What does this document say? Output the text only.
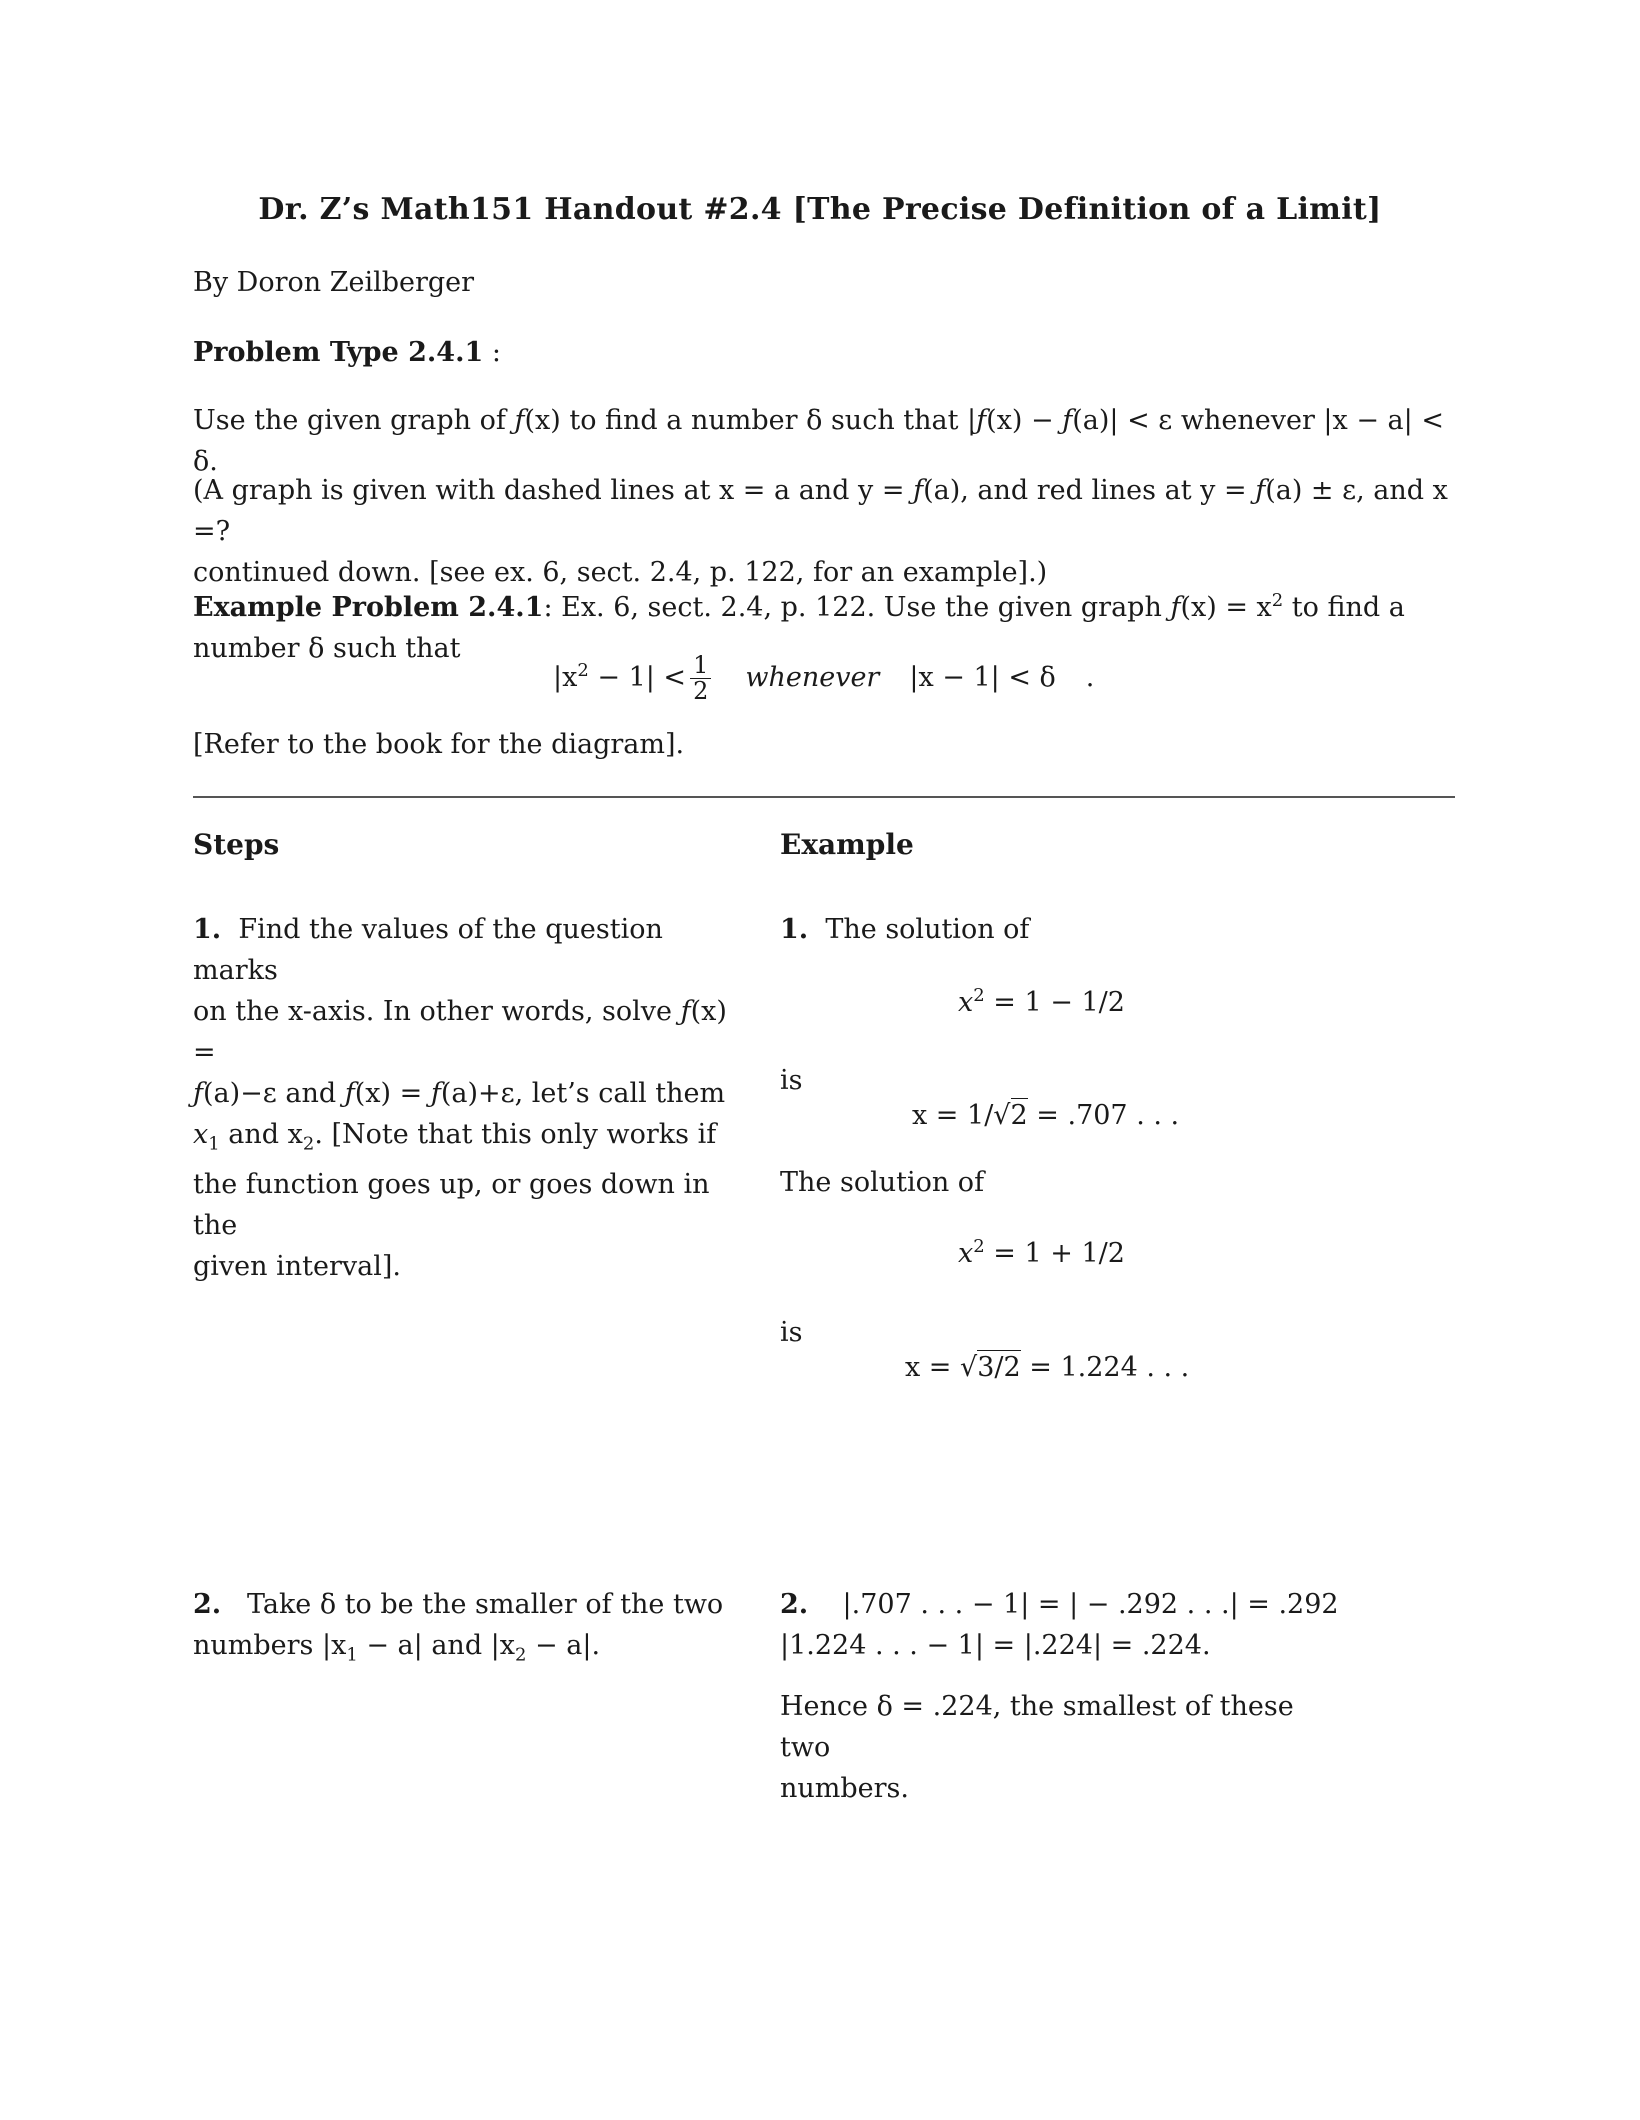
Dr. Z’s Math151 Handout #2.4 [The Precise Definition of a Limit]
By Doron Zeilberger
Problem Type 2.4.1 :
Use the given graph of ƒ(x) to find a number δ such that |ƒ(x) − ƒ(a)| < ε whenever |x − a| < δ.
(A graph is given with dashed lines at x = a and y = ƒ(a), and red lines at y = ƒ(a) ± ε, and x =?
continued down. [see ex. 6, sect. 2.4, p. 122, for an example].)
Example Problem 2.4.1: Ex. 6, sect. 2.4, p. 122. Use the given graph ƒ(x) = $x^2$ to find a
number δ such that
$|x^2 - 1| < \frac{1}{2}$ whenever |x − 1| < δ .
[Refer to the book for the diagram].
Steps	Example
1. Find the values of the question marks
on the x-axis. In other words, solve ƒ(x) =
ƒ(a)−ε and ƒ(x) = ƒ(a)+ε, let’s call them
$x_1$ and $x_2$. [Note that this only works if
the function goes up, or goes down in the
given interval].
1. The solution of
$x^2 = 1 - 1/2$
is
x = 1/√2 = .707 . . .
The solution of
$x^2 = 1 + 1/2$
is
x = √3/2 = 1.224 . . .
2. Take δ to be the smaller of the two
numbers $|x_1 - a|$ and $|x_2 - a|$.
2. |.707 . . . − 1| = | − .292 . . .| = .292
|1.224 . . . − 1| = |.224| = .224.
Hence δ = .224, the smallest of these two
numbers.
